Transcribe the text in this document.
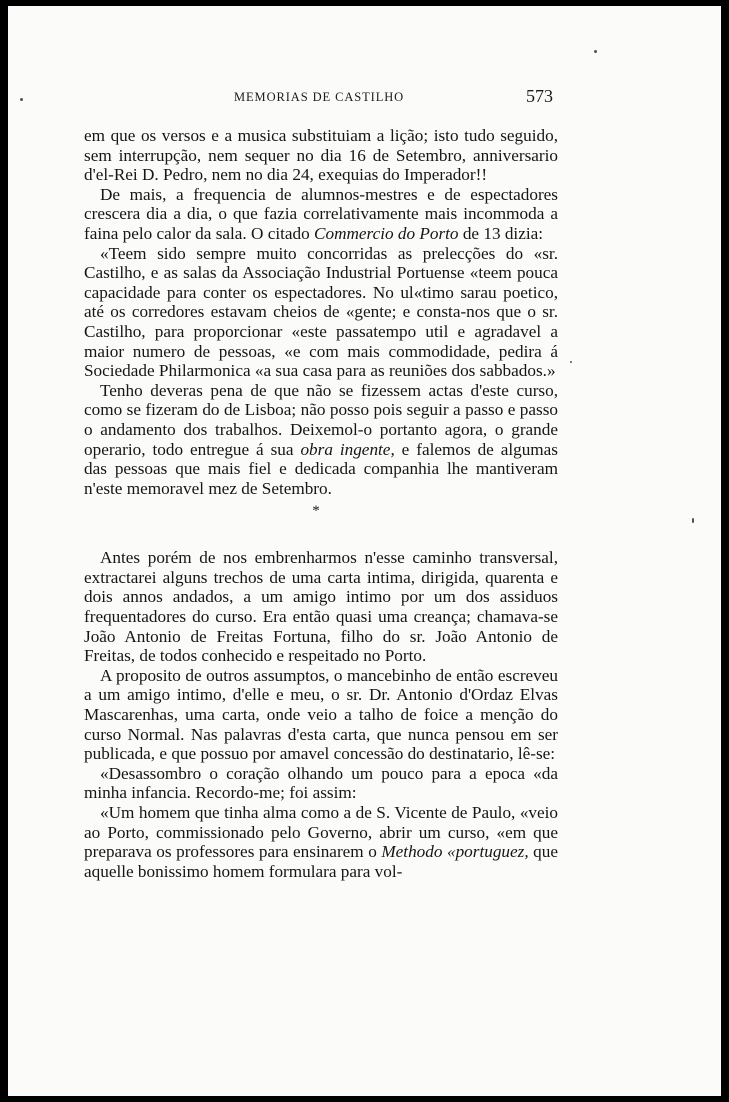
MEMORIAS DE CASTILHO	573

em que os versos e a musica substituiam a lição; isto tudo seguido, sem interrupção, nem sequer no dia 16 de Setembro, anniversario d'el-Rei D. Pedro, nem no dia 24, exequias do Imperador!!

De mais, a frequencia de alumnos-mestres e de espectadores crescera dia a dia, o que fazia correlativamente mais incommoda a faina pelo calor da sala. O citado Commercio do Porto de 13 dizia:

«Teem sido sempre muito concorridas as prelecções do «sr. Castilho, e as salas da Associação Industrial Portuense «teem pouca capacidade para conter os espectadores. No ul«timo sarau poetico, até os corredores estavam cheios de «gente; e consta-nos que o sr. Castilho, para proporcionar «este passatempo util e agradavel a maior numero de pessoas, «e com mais commodidade, pedira á Sociedade Philarmonica «a sua casa para as reuniões dos sabbados.»

Tenho deveras pena de que não se fizessem actas d'este curso, como se fizeram do de Lisboa; não posso pois seguir a passo e passo o andamento dos trabalhos. Deixemol-o portanto agora, o grande operario, todo entregue á sua obra ingente, e falemos de algumas das pessoas que mais fiel e dedicada companhia lhe mantiveram n'este memoravel mez de Setembro.

*

Antes porém de nos embrenharmos n'esse caminho transversal, extractarei alguns trechos de uma carta intima, dirigida, quarenta e dois annos andados, a um amigo intimo por um dos assiduos frequentadores do curso. Era então quasi uma creança; chamava-se João Antonio de Freitas Fortuna, filho do sr. João Antonio de Freitas, de todos conhecido e respeitado no Porto.

A proposito de outros assumptos, o mancebinho de então escreveu a um amigo intimo, d'elle e meu, o sr. Dr. Antonio d'Ordaz Elvas Mascarenhas, uma carta, onde veio a talho de foice a menção do curso Normal. Nas palavras d'esta carta, que nunca pensou em ser publicada, e que possuo por amavel concessão do destinatario, lê-se:

«Desassombro o coração olhando um pouco para a epoca «da minha infancia. Recordo-me; foi assim:

«Um homem que tinha alma como a de S. Vicente de Paulo, «veio ao Porto, commissionado pelo Governo, abrir um curso, «em que preparava os professores para ensinarem o Methodo «portuguez, que aquelle bonissimo homem formulara para vol-
